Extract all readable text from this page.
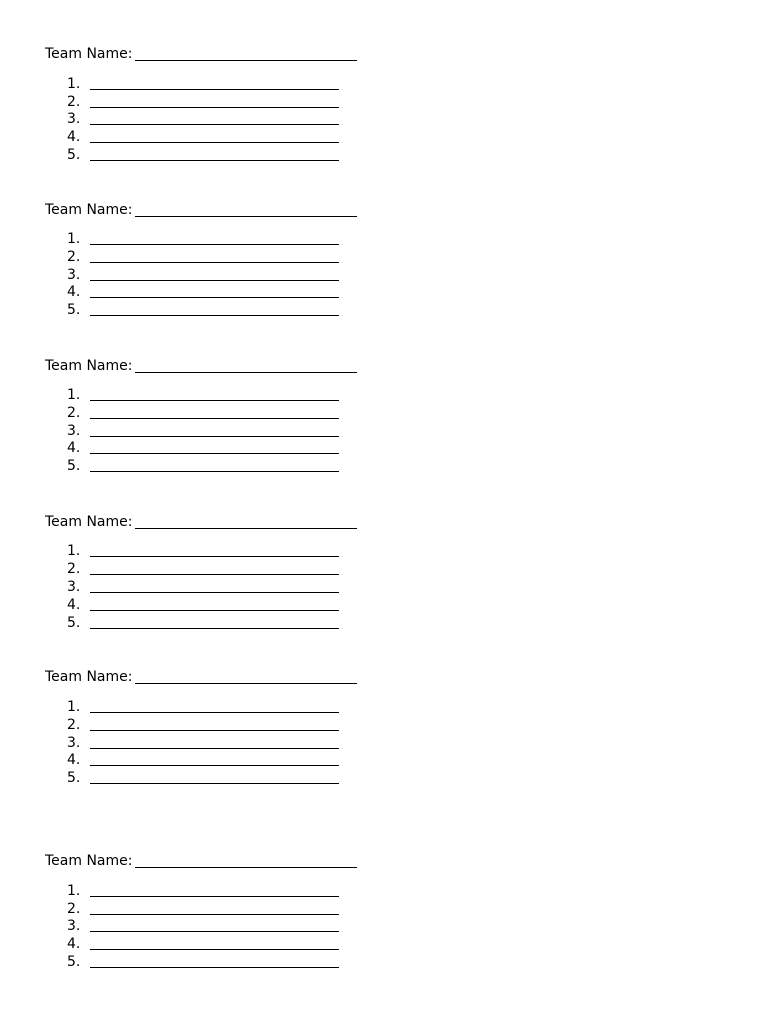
Team Name:
1.
2.
3.
4.
5.
Team Name:
1.
2.
3.
4.
5.
Team Name:
1.
2.
3.
4.
5.
Team Name:
1.
2.
3.
4.
5.
Team Name:
1.
2.
3.
4.
5.
Team Name:
1.
2.
3.
4.
5.
